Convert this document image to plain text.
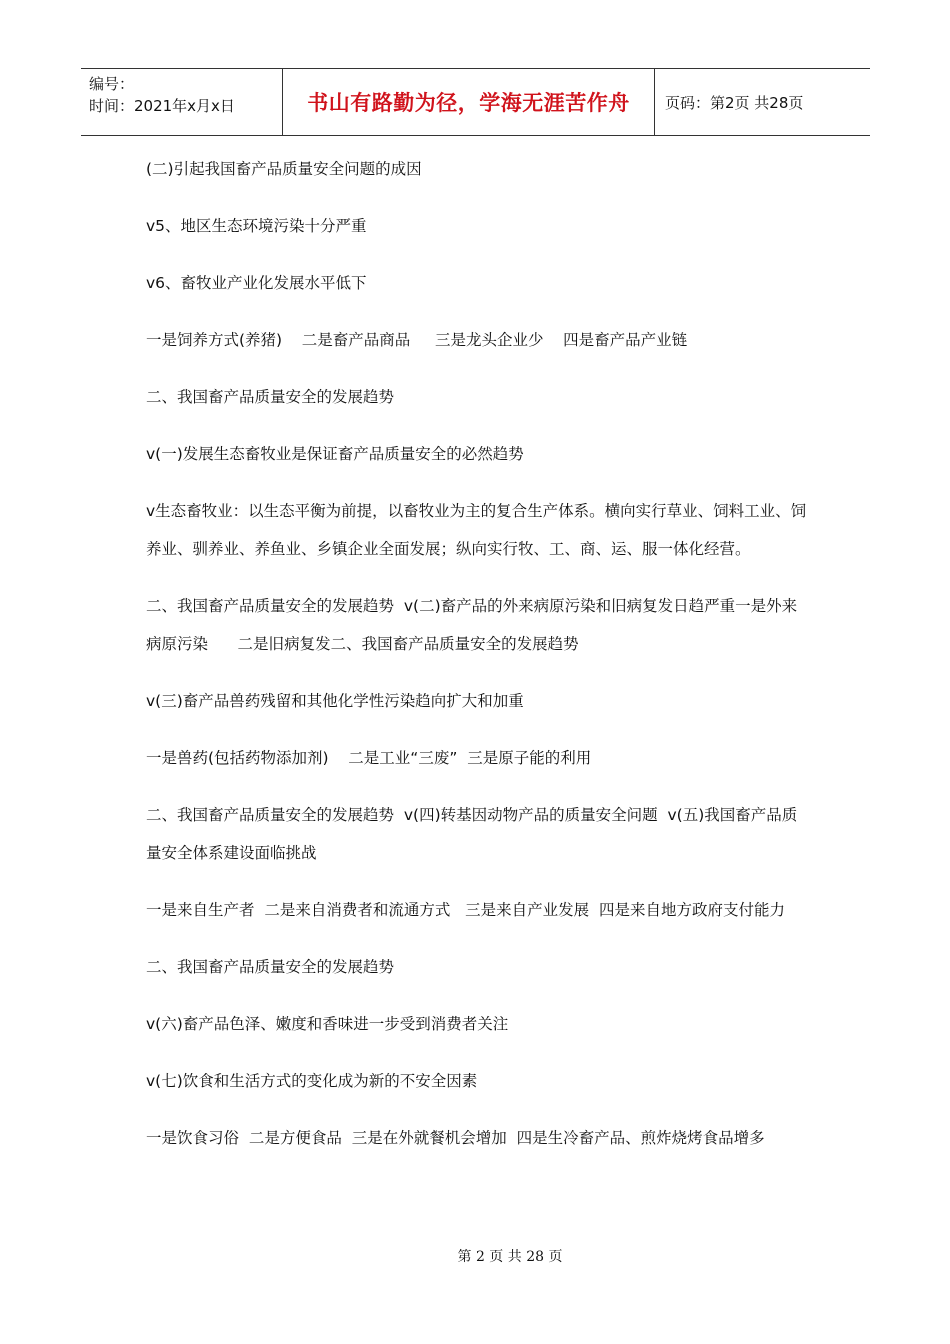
编号：
时间：2021年x月x日	书山有路勤为径，学海无涯苦作舟 页码：第2页 共28页

(二)引起我国畜产品质量安全问题的成因

v5、地区生态环境污染十分严重

v6、畜牧业产业化发展水平低下

一是饲养方式(养猪)    二是畜产品商品     三是龙头企业少    四是畜产品产业链

二、我国畜产品质量安全的发展趋势

v(一)发展生态畜牧业是保证畜产品质量安全的必然趋势

v生态畜牧业：以生态平衡为前提，以畜牧业为主的复合生产体系。横向实行草业、饲料工业、饲养业、驯养业、养鱼业、乡镇企业全面发展；纵向实行牧、工、商、运、服一体化经营。

二、我国畜产品质量安全的发展趋势  v(二)畜产品的外来病原污染和旧病复发日趋严重一是外来病原污染      二是旧病复发二、我国畜产品质量安全的发展趋势

v(三)畜产品兽药残留和其他化学性污染趋向扩大和加重

一是兽药(包括药物添加剂)    二是工业“三废”  三是原子能的利用

二、我国畜产品质量安全的发展趋势  v(四)转基因动物产品的质量安全问题  v(五)我国畜产品质量安全体系建设面临挑战

一是来自生产者  二是来自消费者和流通方式   三是来自产业发展  四是来自地方政府支付能力

二、我国畜产品质量安全的发展趋势

v(六)畜产品色泽、嫩度和香味进一步受到消费者关注

v(七)饮食和生活方式的变化成为新的不安全因素

一是饮食习俗  二是方便食品  三是在外就餐机会增加  四是生冷畜产品、煎炸烧烤食品增多

第 2 页 共 28 页
